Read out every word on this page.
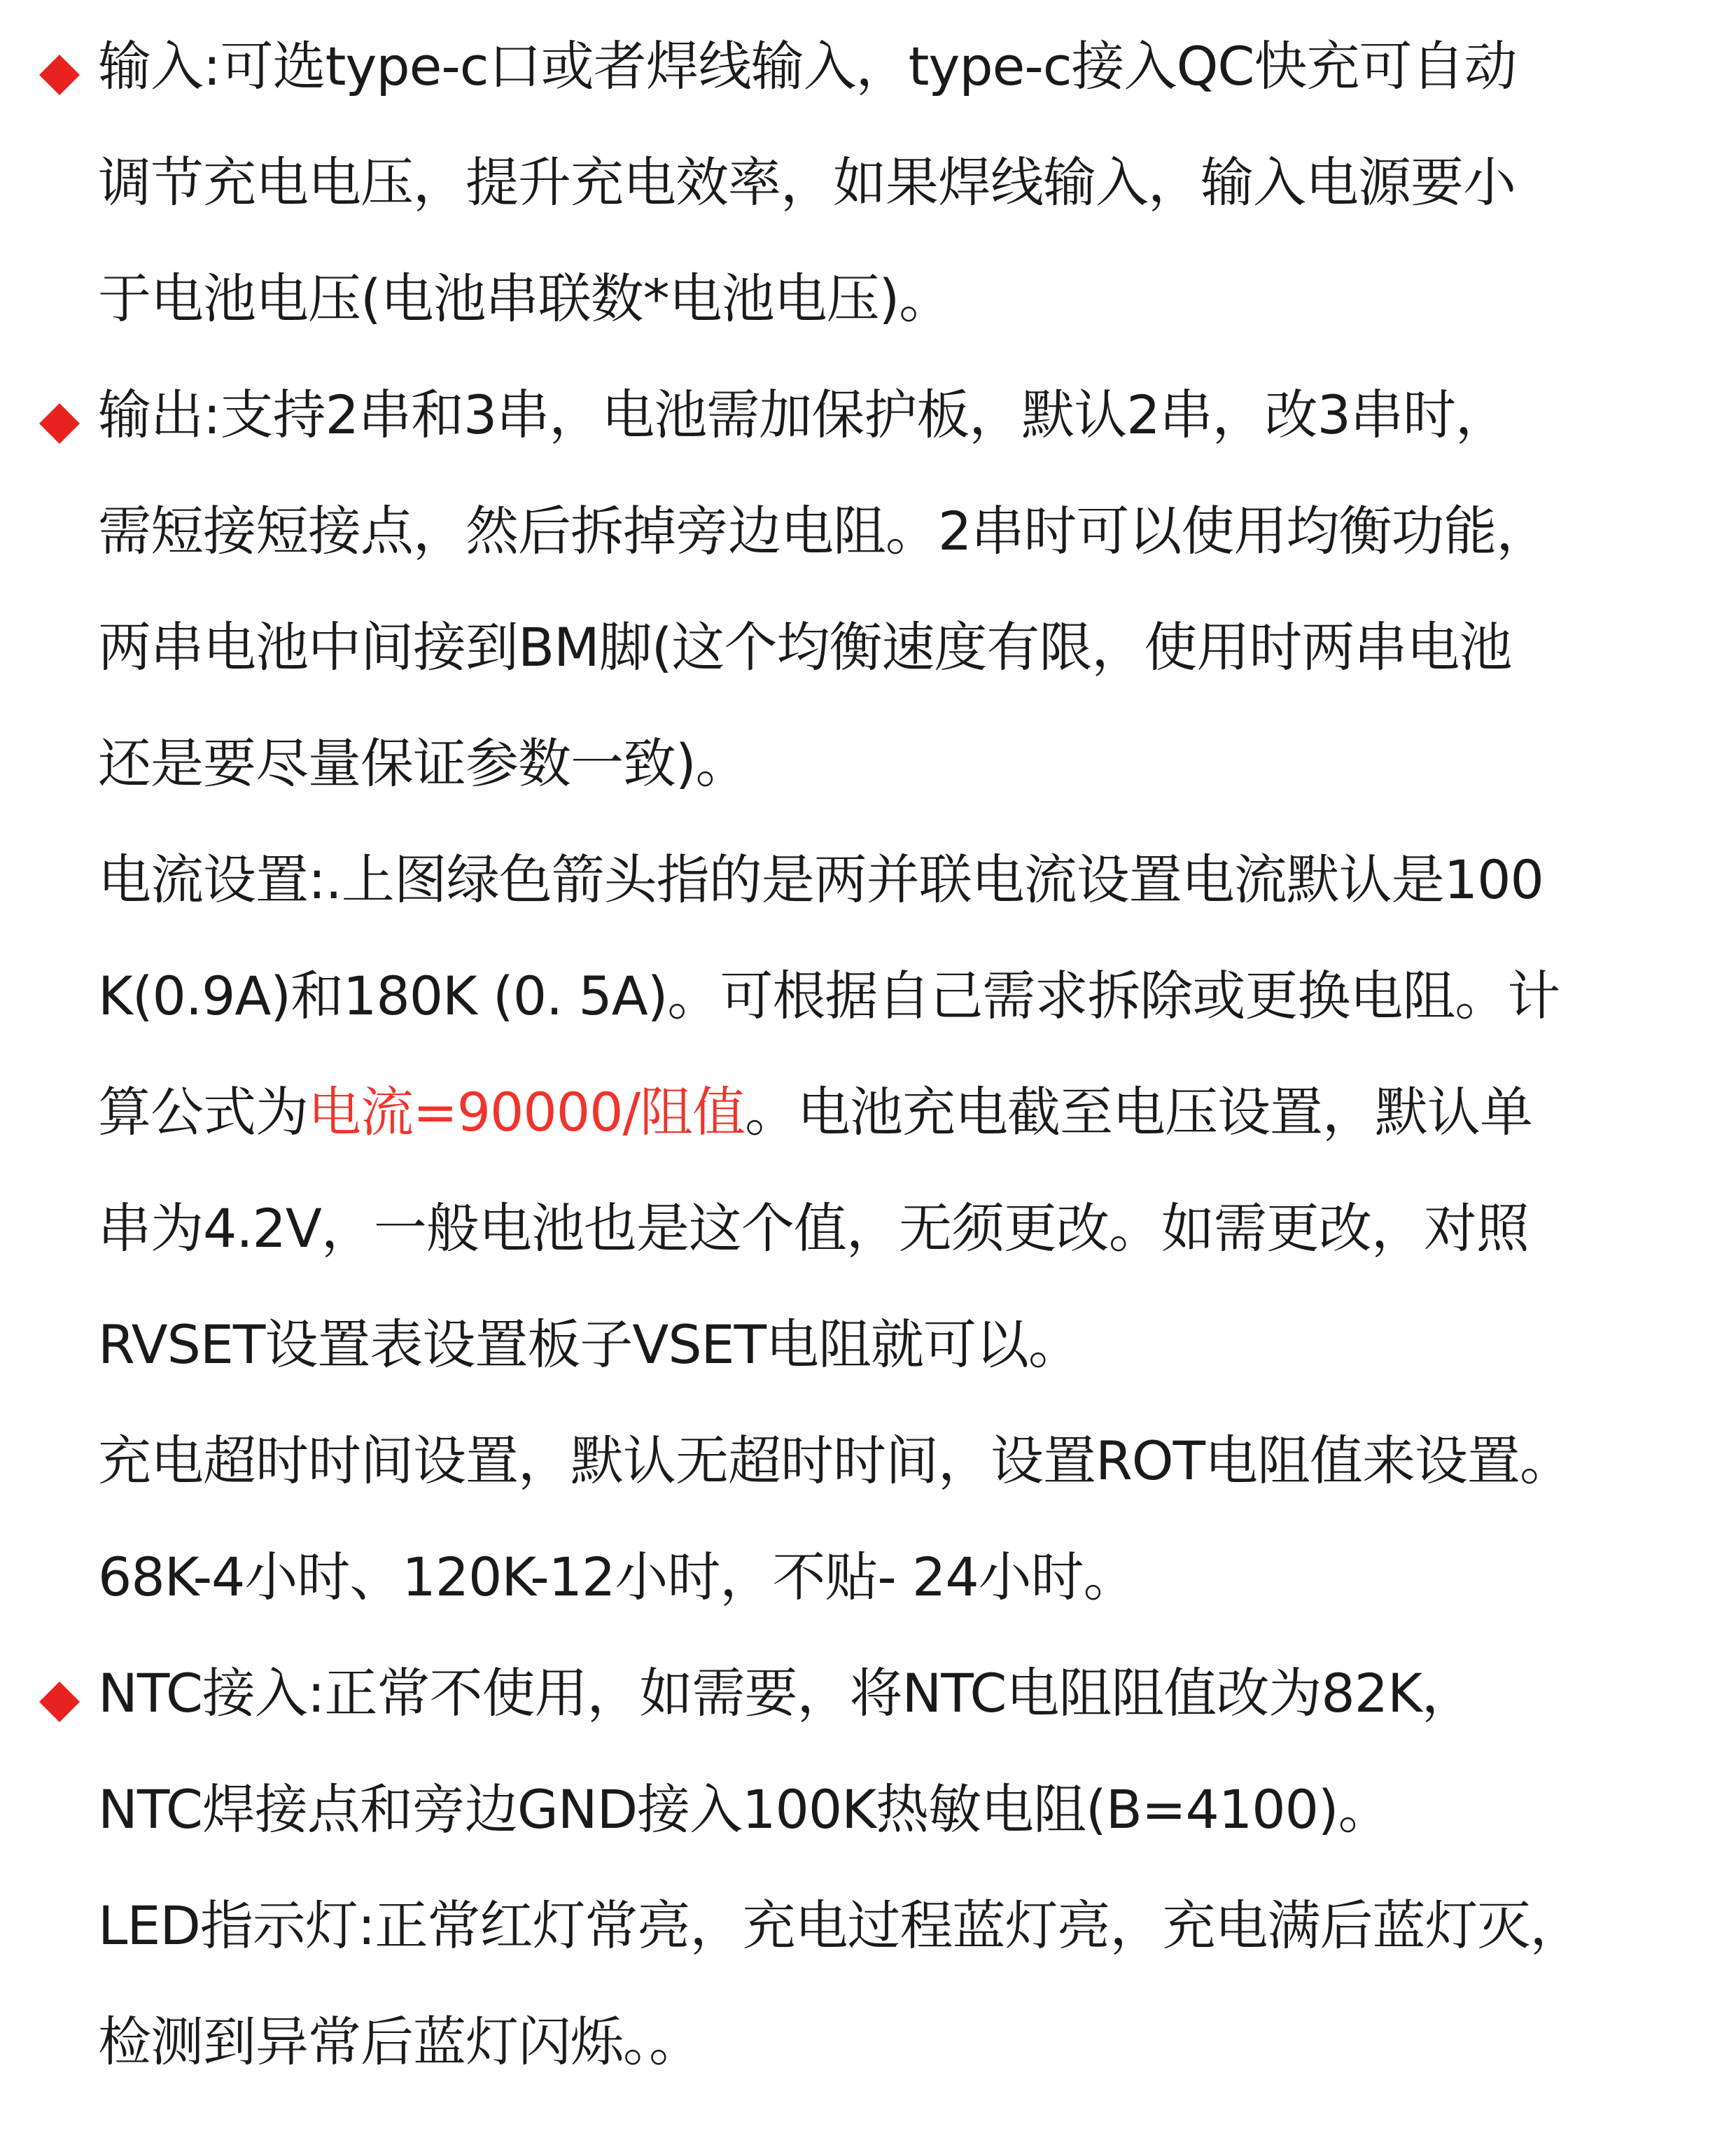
输入:可选type-c口或者焊线输入，type-c接入QC快充可自动
调节充电电压，提升充电效率，如果焊线输入，输入电源要小
于电池电压(电池串联数*电池电压)。
输出:支持2串和3串，电池需加保护板，默认2串，改3串时，
需短接短接点，然后拆掉旁边电阻。2串时可以使用均衡功能，
两串电池中间接到BM脚(这个均衡速度有限，使用时两串电池
还是要尽量保证参数一致)。
电流设置:.上图绿色箭头指的是两并联电流设置电流默认是100
K(0.9A)和180K (0. 5A)。可根据自己需求拆除或更换电阻。计
算公式为电流=90000/阻值。电池充电截至电压设置，默认单
串为4.2V，一般电池也是这个值，无须更改。如需更改，对照
RVSET设置表设置板子VSET电阻就可以。
充电超时时间设置，默认无超时时间，设置ROT电阻值来设置。
68K-4小时、120K-12小时，不贴- 24小时。
NTC接入:正常不使用，如需要，将NTC电阻阻值改为82K，
NTC焊接点和旁边GND接入100K热敏电阻(B=4100)。
LED指示灯:正常红灯常亮，充电过程蓝灯亮，充电满后蓝灯灭，
检测到异常后蓝灯闪烁。。
